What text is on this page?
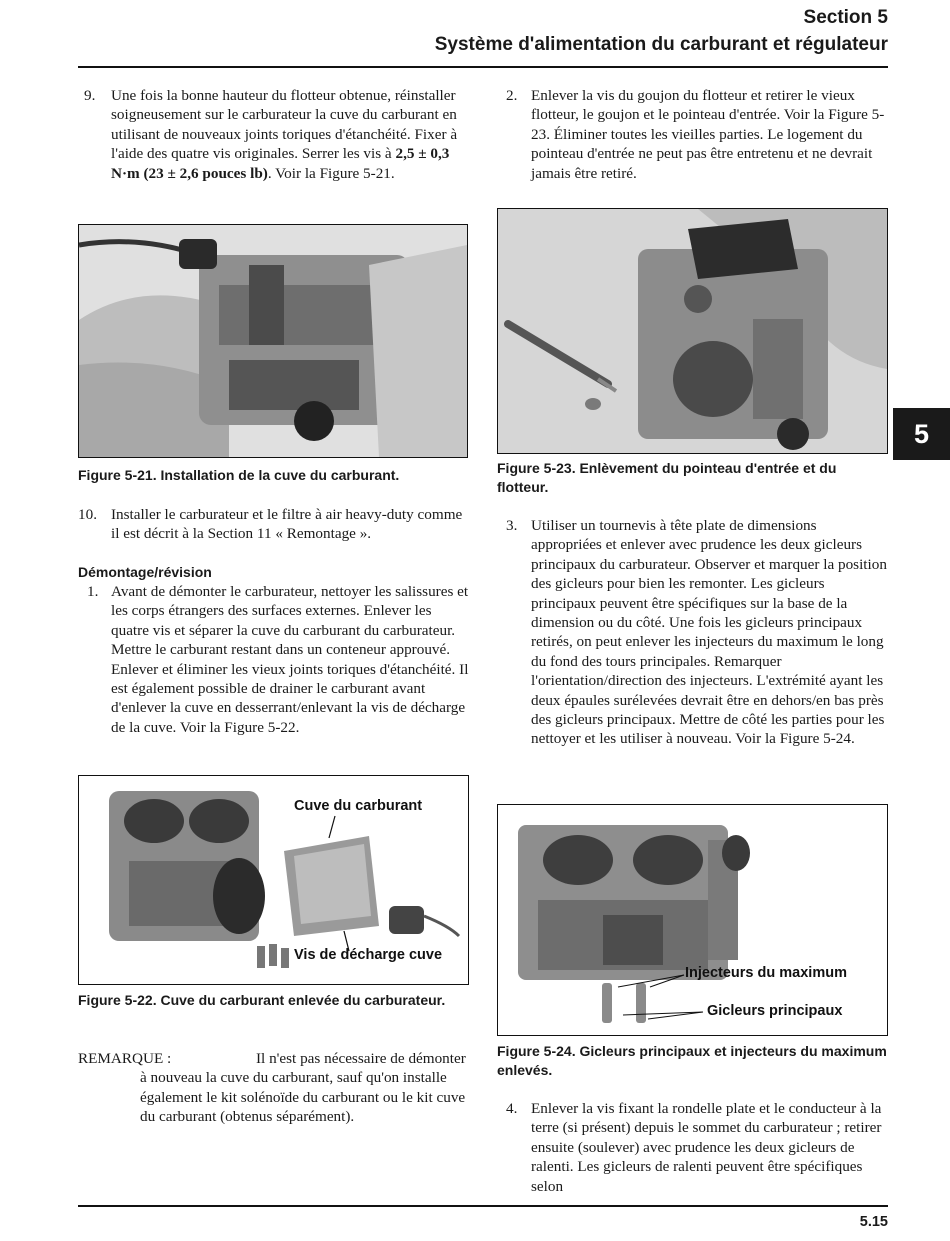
Section 5
Système d'alimentation du carburant et régulateur
5
9. Une fois la bonne hauteur du flotteur obtenue, réinstaller soigneusement sur le carburateur la cuve du carburant en utilisant de nouveaux joints toriques d'étanchéité. Fixer à l'aide des quatre vis originales. Serrer les vis à 2,5 ± 0,3 N·m (23 ± 2,6 pouces lb). Voir la Figure 5-21.
Figure 5-21. Installation de la cuve du carburant.
10. Installer le carburateur et le filtre à air heavy-duty comme il est décrit à la Section 11 « Remontage ».
Démontage/révision
1. Avant de démonter le carburateur, nettoyer les salissures et les corps étrangers des surfaces externes. Enlever les quatre vis et séparer la cuve du carburant du carburateur. Mettre le carburant restant dans un conteneur approuvé. Enlever et éliminer les vieux joints toriques d'étanchéité. Il est également possible de drainer le carburant avant d'enlever la cuve en desserrant/enlevant la vis de décharge de la cuve. Voir la Figure 5-22.
Cuve du carburant
Vis de décharge cuve
Figure 5-22. Cuve du carburant enlevée du carburateur.
REMARQUE :	Il n'est pas nécessaire de démonter à nouveau la cuve du carburant, sauf qu'on installe également le kit solénoïde du carburant ou le kit cuve du carburant (obtenus séparément).
2. Enlever la vis du goujon du flotteur et retirer le vieux flotteur, le goujon et le pointeau d'entrée. Voir la Figure 5-23. Éliminer toutes les vieilles parties. Le logement du pointeau d'entrée ne peut pas être entretenu et ne devrait jamais être retiré.
Figure 5-23. Enlèvement du pointeau d'entrée et du flotteur.
3. Utiliser un tournevis à tête plate de dimensions appropriées et enlever avec prudence les deux gicleurs principaux du carburateur. Observer et marquer la position des gicleurs pour bien les remonter. Les gicleurs principaux peuvent être spécifiques sur la base de la dimension ou du côté. Une fois les gicleurs principaux retirés, on peut enlever les injecteurs du maximum le long du fond des tours principales. Remarquer l'orientation/direction des injecteurs. L'extrémité ayant les deux épaules surélevées devrait être en dehors/en bas près des gicleurs principaux. Mettre de côté les parties pour les nettoyer et les utiliser à nouveau. Voir la Figure 5-24.
Injecteurs du maximum
Gicleurs principaux
Figure 5-24. Gicleurs principaux et injecteurs du maximum enlevés.
4. Enlever la vis fixant la rondelle plate et le conducteur à la terre (si présent) depuis le sommet du carburateur ; retirer ensuite (soulever) avec prudence les deux gicleurs de ralenti. Les gicleurs de ralenti peuvent être spécifiques selon
5.15
